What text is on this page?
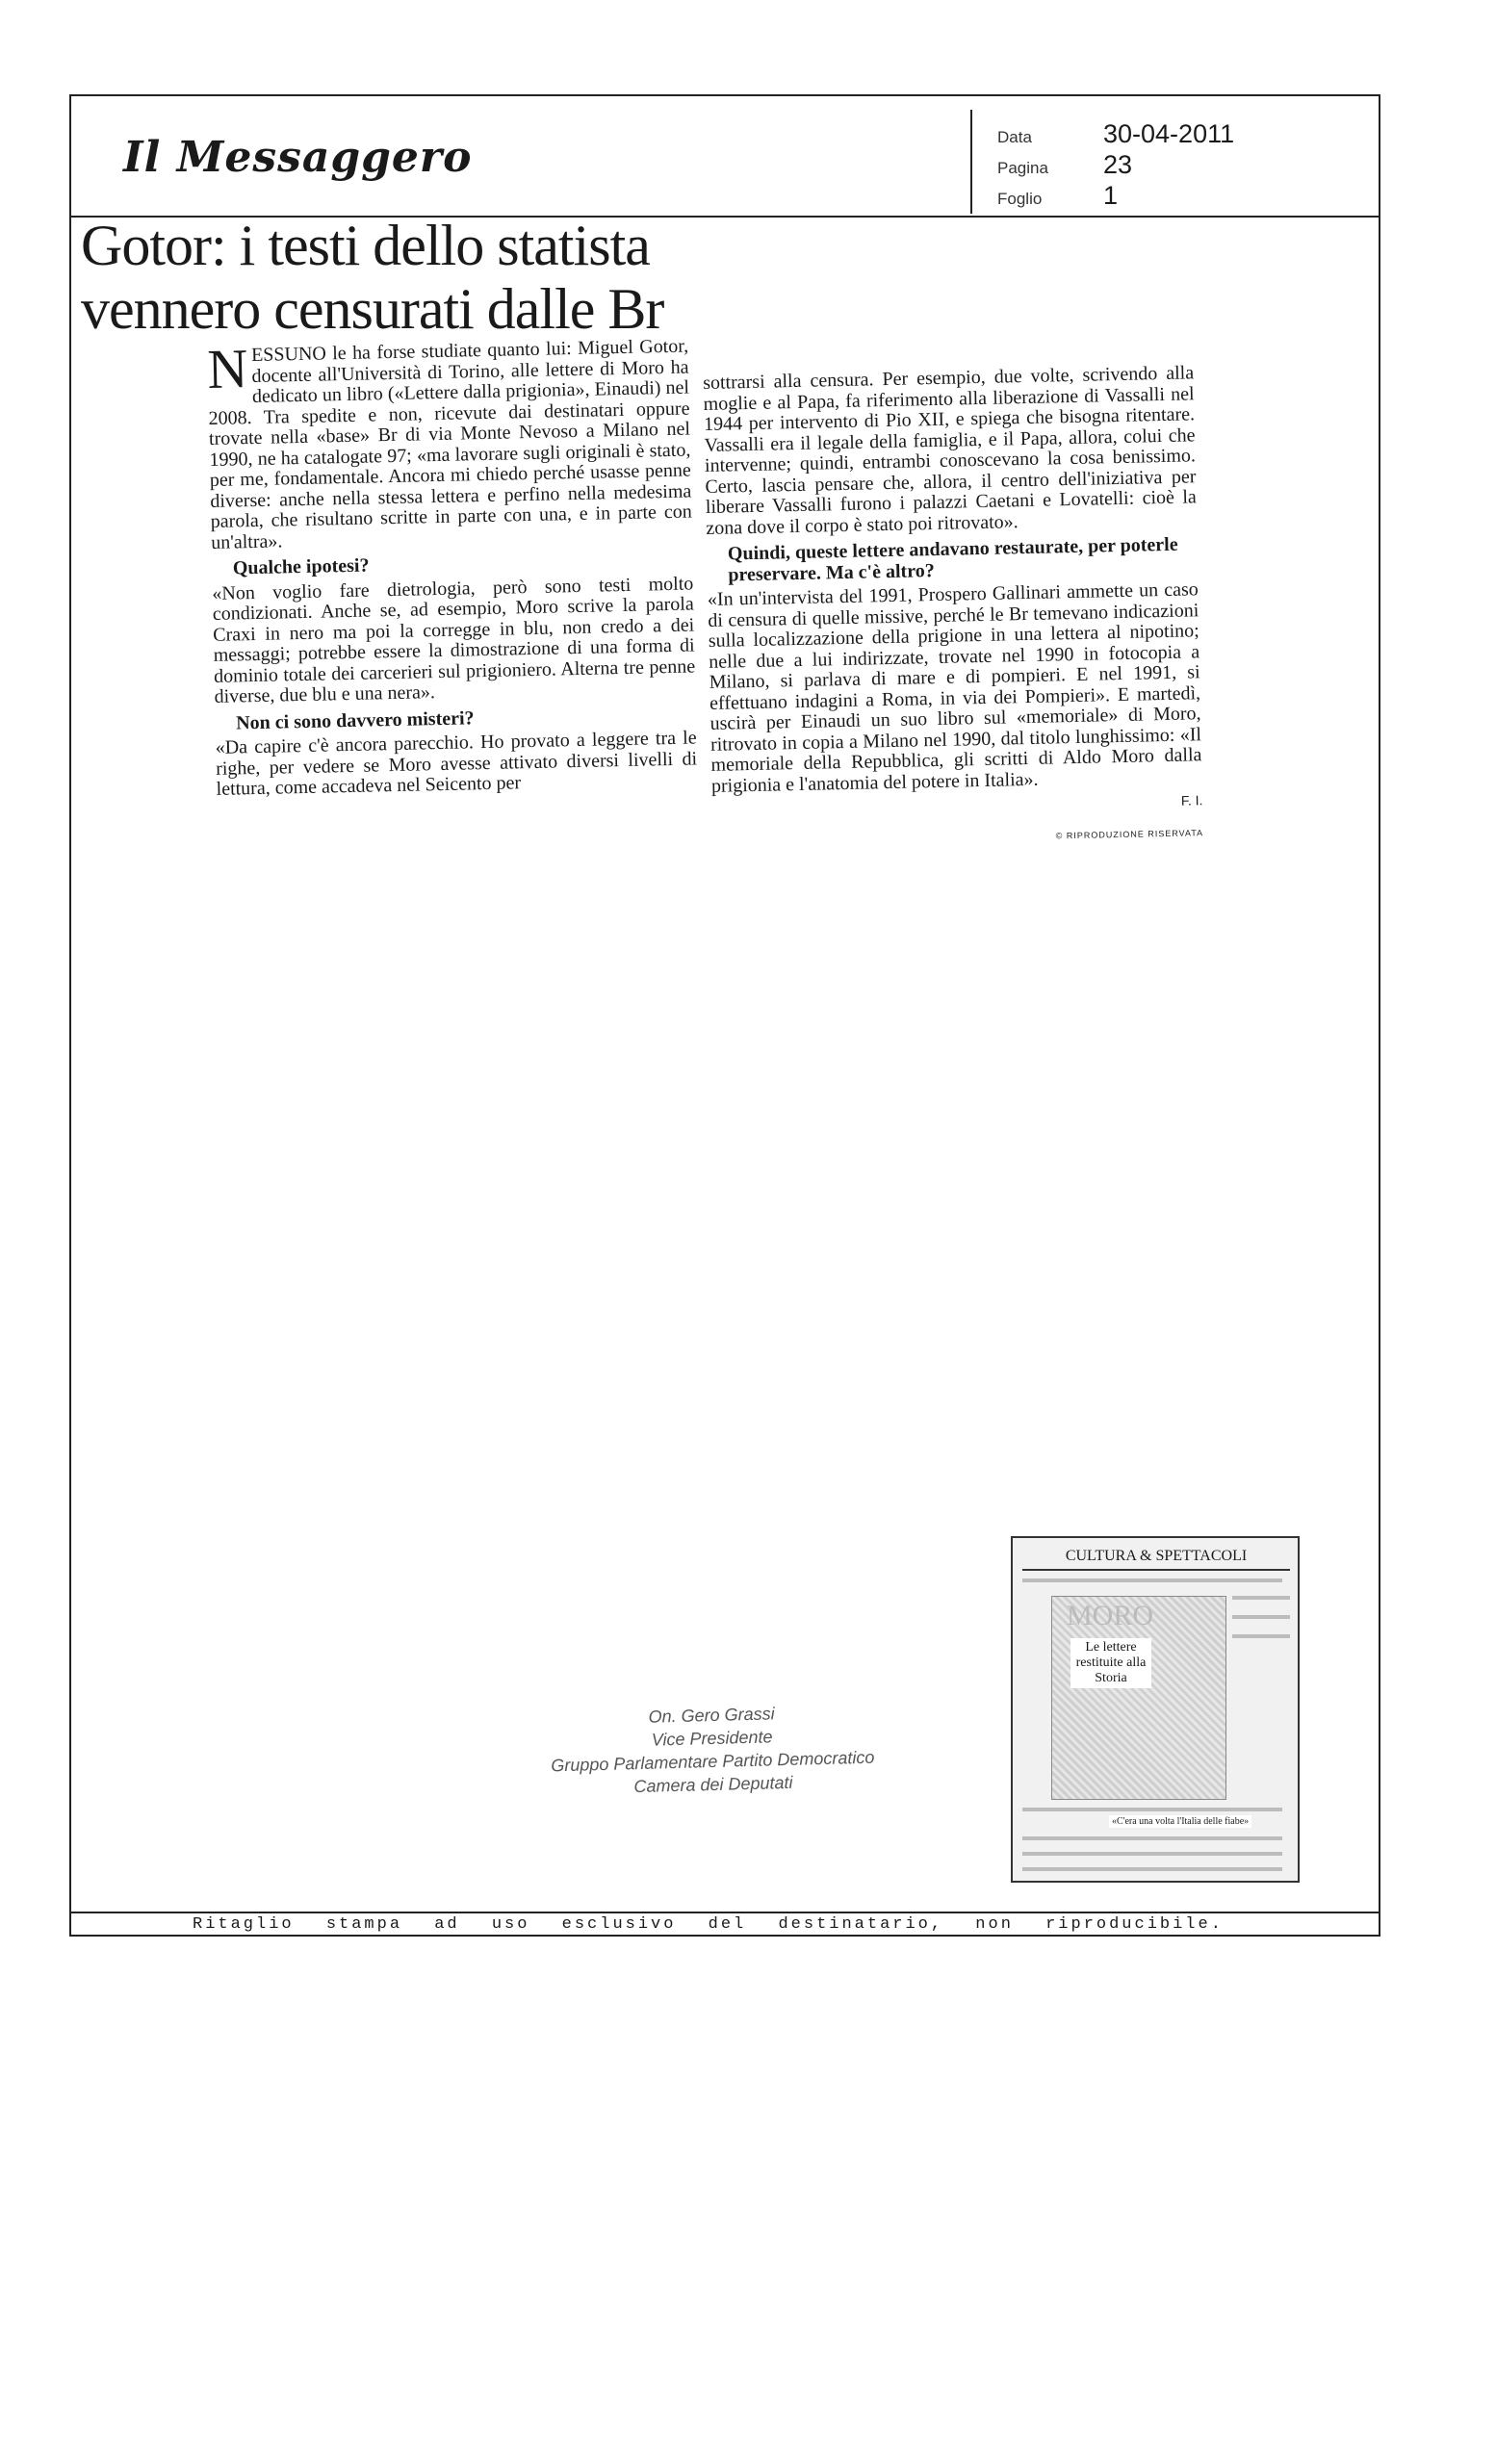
Il Messaggero	Data	30-04-2011
Pagina 23
Foglio 1
Gotor: i testi dello statista vennero censurati dalle Br

NESSUNO le ha forse studiate quanto lui: Miguel Gotor, docente all'Università di Torino, alle lettere di Moro ha dedicato un libro («Lettere dalla prigionia», Einaudi) nel 2008. Tra spedite e non, ricevute dai destinatari oppure trovate nella «base» Br di via Monte Nevoso a Milano nel 1990, ne ha catalogate 97; «ma lavorare sugli originali è stato, per me, fondamentale. Ancora mi chiedo perché usasse penne diverse: anche nella stessa lettera e perfino nella medesima parola, che risultano scritte in parte con una, e in parte con un'altra».

Qualche ipotesi?

«Non voglio fare dietrologia, però sono testi molto condizionati. Anche se, ad esempio, Moro scrive la parola Craxi in nero ma poi la corregge in blu, non credo a dei messaggi; potrebbe essere la dimostrazione di una forma di dominio totale dei carcerieri sul prigioniero. Alterna tre penne diverse, due blu e una nera».

Non ci sono davvero misteri?

«Da capire c'è ancora parecchio. Ho provato a leggere tra le righe, per vedere se Moro avesse attivato diversi livelli di lettura, come accadeva nel Seicento per

sottrarsi alla censura. Per esempio, due volte, scrivendo alla moglie e al Papa, fa riferimento alla liberazione di Vassalli nel 1944 per intervento di Pio XII, e spiega che bisogna ritentare. Vassalli era il legale della famiglia, e il Papa, allora, colui che intervenne; quindi, entrambi conoscevano la cosa benissimo. Certo, lascia pensare che, allora, il centro dell'iniziativa per liberare Vassalli furono i palazzi Caetani e Lovatelli: cioè la zona dove il corpo è stato poi ritrovato».

Quindi, queste lettere andavano restaurate, per poterle preservare. Ma c'è altro?

«In un'intervista del 1991, Prospero Gallinari ammette un caso di censura di quelle missive, perché le Br temevano indicazioni sulla localizzazione della prigione in una lettera al nipotino; nelle due a lui indirizzate, trovate nel 1990 in fotocopia a Milano, si parlava di mare e di pompieri. E nel 1991, si effettuano indagini a Roma, in via dei Pompieri». E martedì, uscirà per Einaudi un suo libro sul «memoriale» di Moro, ritrovato in copia a Milano nel 1990, dal titolo lunghissimo: «Il memoriale della Repubblica, gli scritti di Aldo Moro dalla prigionia e l'anatomia del potere in Italia».

F. I.

© RIPRODUZIONE RISERVATA

On. Gero Grassi
Vice Presidente
Gruppo Parlamentare Partito Democratico
Camera dei Deputati
CULTURA & SPETTACOLI
MORO
Le lettere restituite alla Storia
«C'era una volta l'Italia delle fiabe»
Ritaglio stampa ad uso esclusivo del destinatario, non riproducibile.
